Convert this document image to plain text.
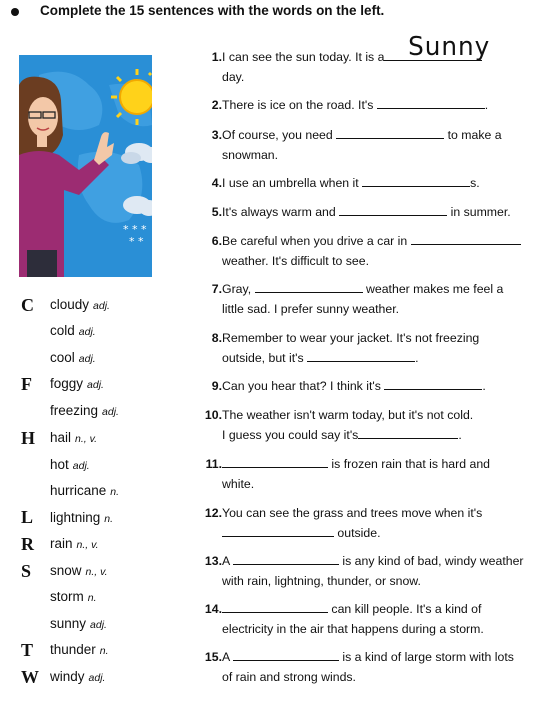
Complete the 15 sentences with the words on the left.
* * *
* *
C cloudy adj.
cold adj.
cool adj.
F foggy adj.
freezing adj.
H hail n., v.
hot adj.
hurricane n.
L lightning n.
R rain n., v.
S snow n., v.
storm n.
sunny adj.
T thunder n.
W windy adj.
Sunny
1. I can see the sun today. It is a
day.
2. There is ice on the road. It's	.
3. Of course, you need	to make a
snowman.
4. I use an umbrella when it	s.
5. It's always warm and	in summer.
6. Be careful when you drive a car in
weather. It's difficult to see.
7. Gray,	weather makes me feel a
little sad. I prefer sunny weather.
8. Remember to wear your jacket. It's not freezing
outside, but it's	.
9. Can you hear that? I think it's	.
10. The weather isn't warm today, but it's not cold.
I guess you could say it's	.
11.	is frozen rain that is hard and
white.
12. You can see the grass and trees move when it's
outside.
13. A	is any kind of bad, windy weather
with rain, lightning, thunder, or snow.
14.	can kill people. It's a kind of
electricity in the air that happens during a storm.
15. A	is a kind of large storm with lots
of rain and strong winds.
